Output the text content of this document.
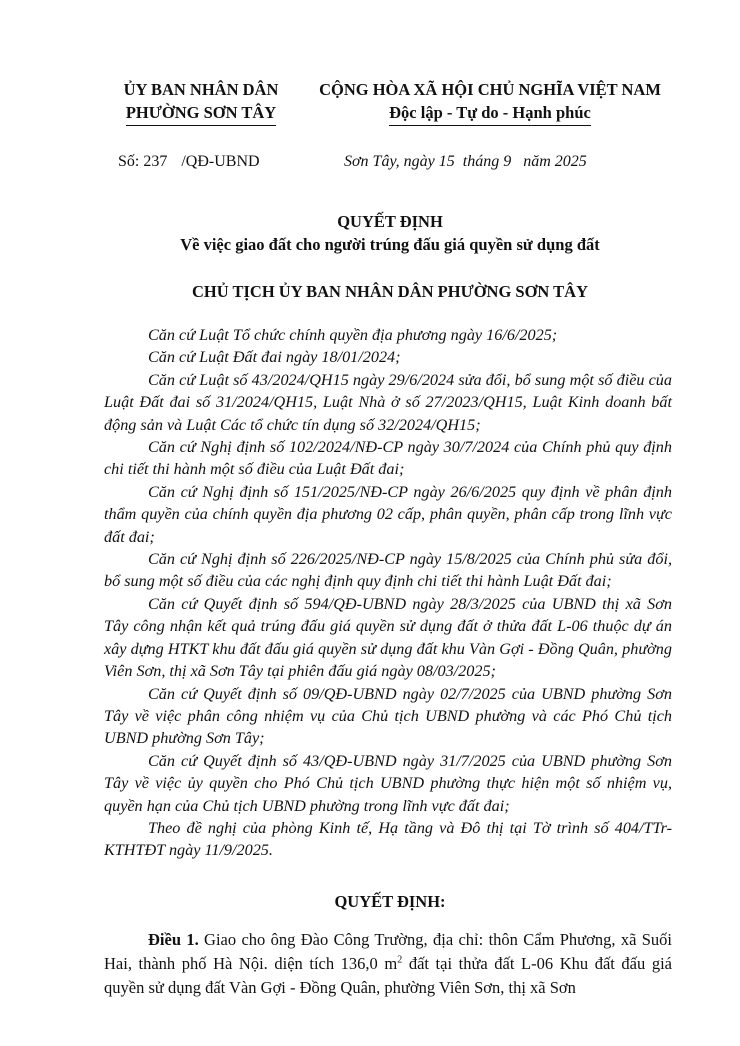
ỦY BAN NHÂN DÂN
PHƯỜNG SƠN TÂY
CỘNG HÒA XÃ HỘI CHỦ NGHĨA VIỆT NAM
Độc lập - Tự do - Hạnh phúc
Số: 237 /QĐ-UBND	Sơn Tây, ngày 15  tháng 9   năm 2025
QUYẾT ĐỊNH
Về việc giao đất cho người trúng đấu giá quyền sử dụng đất
CHỦ TỊCH ỦY BAN NHÂN DÂN PHƯỜNG SƠN TÂY

Căn cứ Luật Tổ chức chính quyền địa phương ngày 16/6/2025;

Căn cứ Luật Đất đai ngày 18/01/2024;

Căn cứ Luật số 43/2024/QH15 ngày 29/6/2024 sửa đổi, bổ sung một số điều của Luật Đất đai số 31/2024/QH15, Luật Nhà ở số 27/2023/QH15, Luật Kinh doanh bất động sản và Luật Các tổ chức tín dụng số 32/2024/QH15;

Căn cứ Nghị định số 102/2024/NĐ-CP ngày 30/7/2024 của Chính phủ quy định chi tiết thi hành một số điều của Luật Đất đai;

Căn cứ Nghị định số 151/2025/NĐ-CP ngày 26/6/2025 quy định về phân định thẩm quyền của chính quyền địa phương 02 cấp, phân quyền, phân cấp trong lĩnh vực đất đai;

Căn cứ Nghị định số 226/2025/NĐ-CP ngày 15/8/2025 của Chính phủ sửa đổi, bổ sung một số điều của các nghị định quy định chi tiết thi hành Luật Đất đai;

Căn cứ Quyết định số 594/QĐ-UBND ngày 28/3/2025 của UBND thị xã Sơn Tây công nhận kết quả trúng đấu giá quyền sử dụng đất ở thửa đất L-06 thuộc dự án xây dựng HTKT khu đất đấu giá quyền sử dụng đất khu Vàn Gợi - Đồng Quân, phường Viên Sơn, thị xã Sơn Tây tại phiên đấu giá ngày 08/03/2025;

Căn cứ Quyết định số 09/QĐ-UBND ngày 02/7/2025 của UBND phường Sơn Tây về việc phân công nhiệm vụ của Chủ tịch UBND phường và các Phó Chủ tịch UBND phường Sơn Tây;

Căn cứ Quyết định số 43/QĐ-UBND ngày 31/7/2025 của UBND phường Sơn Tây về việc ủy quyền cho Phó Chủ tịch UBND phường thực hiện một số nhiệm vụ, quyền hạn của Chủ tịch UBND phường trong lĩnh vực đất đai;

Theo đề nghị của phòng Kinh tế, Hạ tầng và Đô thị tại Tờ trình số 404/TTr-KTHTĐT ngày 11/9/2025.

QUYẾT ĐỊNH:

Điều 1. Giao cho ông Đào Công Trường, địa chỉ: thôn Cẩm Phương, xã Suối Hai, thành phố Hà Nội. diện tích 136,0 $m^2$ đất tại thửa đất L-06 Khu đất đấu giá quyền sử dụng đất Vàn Gợi - Đồng Quân, phường Viên Sơn, thị xã Sơn
